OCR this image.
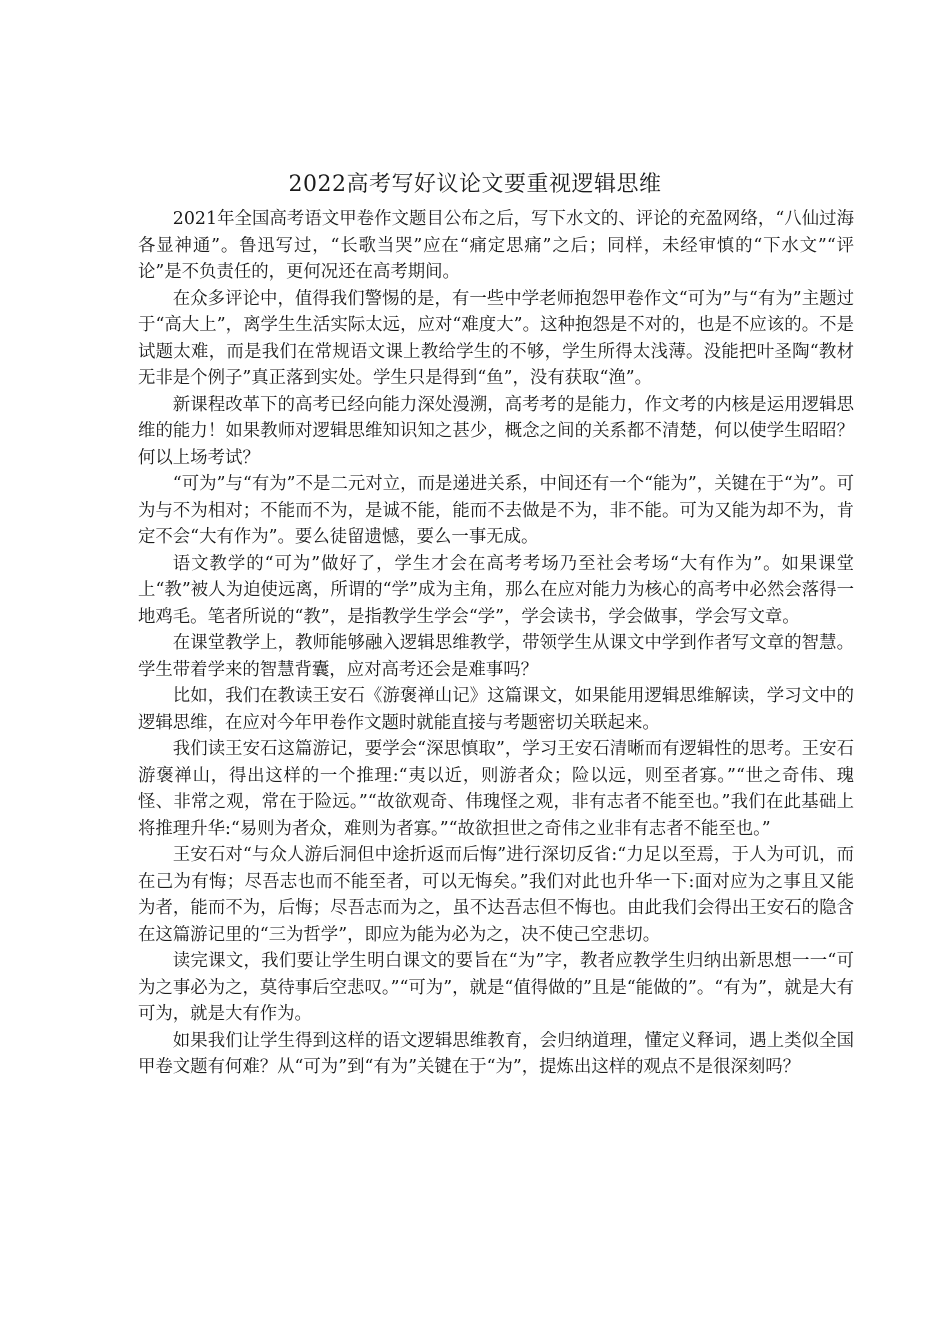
2022高考写好议论文要重视逻辑思维

2021年全国高考语文甲卷作文题目公布之后，写下水文的、评论的充盈网络，“八仙过海各显神通”。鲁迅写过，“长歌当哭”应在“痛定思痛”之后；同样，未经审慎的“下水文”“评论”是不负责任的，更何况还在高考期间。

在众多评论中，值得我们警惕的是，有一些中学老师抱怨甲卷作文“可为”与“有为”主题过于“高大上”，离学生生活实际太远，应对“难度大”。这种抱怨是不对的，也是不应该的。不是试题太难，而是我们在常规语文课上教给学生的不够，学生所得太浅薄。没能把叶圣陶“教材无非是个例子”真正落到实处。学生只是得到“鱼”，没有获取“渔”。

新课程改革下的高考已经向能力深处漫溯，高考考的是能力，作文考的内核是运用逻辑思维的能力！如果教师对逻辑思维知识知之甚少，概念之间的关系都不清楚，何以使学生昭昭？何以上场考试？

“可为”与“有为”不是二元对立，而是递进关系，中间还有一个“能为”，关键在于“为”。可为与不为相对；不能而不为，是诚不能，能而不去做是不为，非不能。可为又能为却不为，肯定不会“大有作为”。要么徒留遗憾，要么一事无成。

语文教学的“可为”做好了，学生才会在高考考场乃至社会考场“大有作为”。如果课堂上“教”被人为迫使远离，所谓的“学”成为主角，那么在应对能力为核心的高考中必然会落得一地鸡毛。笔者所说的“教”，是指教学生学会“学”，学会读书，学会做事，学会写文章。

在课堂教学上，教师能够融入逻辑思维教学，带领学生从课文中学到作者写文章的智慧。学生带着学来的智慧背囊，应对高考还会是难事吗？

比如，我们在教读王安石《游褒禅山记》这篇课文，如果能用逻辑思维解读，学习文中的逻辑思维，在应对今年甲卷作文题时就能直接与考题密切关联起来。

我们读王安石这篇游记，要学会“深思慎取”，学习王安石清晰而有逻辑性的思考。王安石游褒禅山，得出这样的一个推理:“夷以近，则游者众；险以远，则至者寡。”“世之奇伟、瑰怪、非常之观，常在于险远。”“故欲观奇、伟瑰怪之观，非有志者不能至也。”我们在此基础上将推理升华:“易则为者众，难则为者寡。”“故欲担世之奇伟之业非有志者不能至也。”

王安石对“与众人游后洞但中途折返而后悔”进行深切反省:“力足以至焉，于人为可讥，而在己为有悔；尽吾志也而不能至者，可以无悔矣。”我们对此也升华一下:面对应为之事且又能为者，能而不为，后悔；尽吾志而为之，虽不达吾志但不悔也。由此我们会得出王安石的隐含在这篇游记里的“三为哲学”，即应为能为必为之，决不使己空悲切。

读完课文，我们要让学生明白课文的要旨在“为”字，教者应教学生归纳出新思想一一“可为之事必为之，莫待事后空悲叹。”“可为”，就是“值得做的”且是“能做的”。“有为”，就是大有可为，就是大有作为。

如果我们让学生得到这样的语文逻辑思维教育，会归纳道理，懂定义释词，遇上类似全国甲卷文题有何难？从“可为”到“有为”关键在于“为”，提炼出这样的观点不是很深刻吗？
